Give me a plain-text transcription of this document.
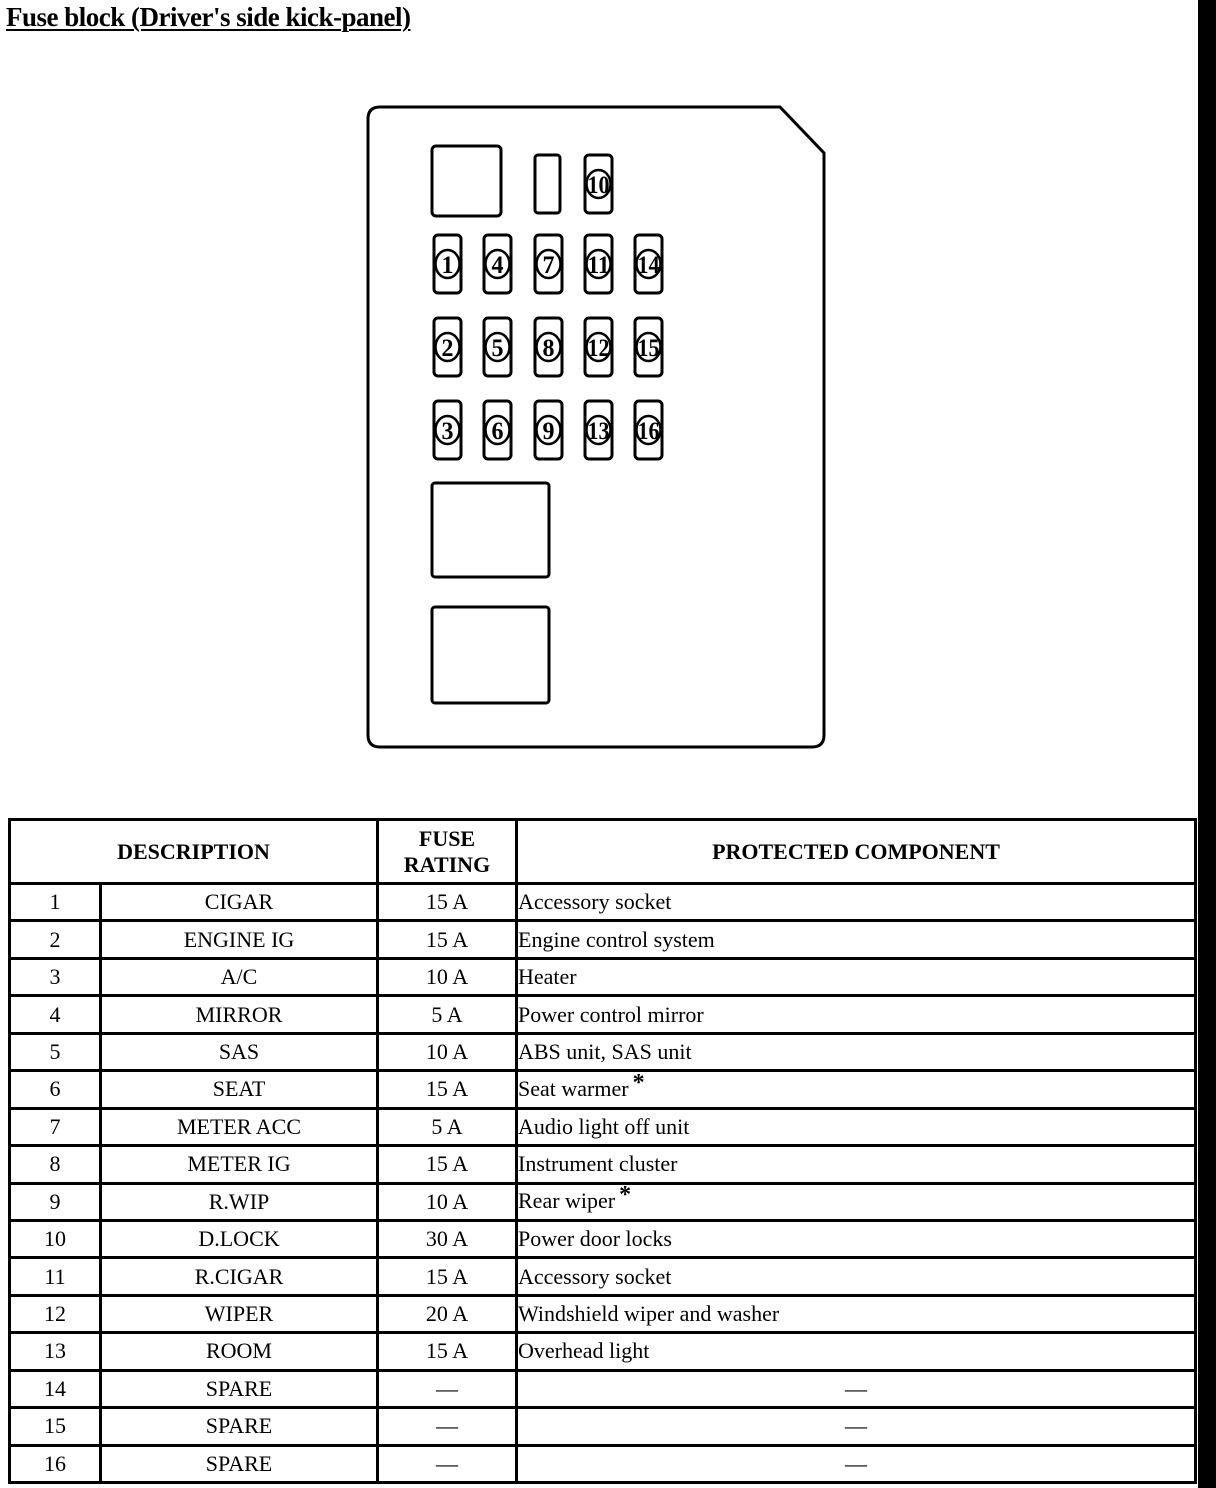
Fuse block (Driver's side kick-panel)
10
1 4 7 11 14
2 5 8 12 15
3 6 9 13 16
DESCRIPTION		FUSE
RATING	PROTECTED COMPONENT
1	CIGAR	15 A	Accessory socket
2	ENGINE IG	15 A	Engine control system
3	A/C	10 A	Heater
4	MIRROR	5 A	Power control mirror
5	SAS	10 A	ABS unit, SAS unit
6	SEAT	15 A	Seat warmer *
7	METER ACC	5 A	Audio light off unit
8	METER IG	15 A	Instrument cluster
9	R.WIP	10 A	Rear wiper *
10	D.LOCK	30 A	Power door locks
11	R.CIGAR	15 A	Accessory socket
12	WIPER	20 A	Windshield wiper and washer
13	ROOM	15 A	Overhead light
14	SPARE	—	—
15	SPARE	—	—
16	SPARE	—	—
